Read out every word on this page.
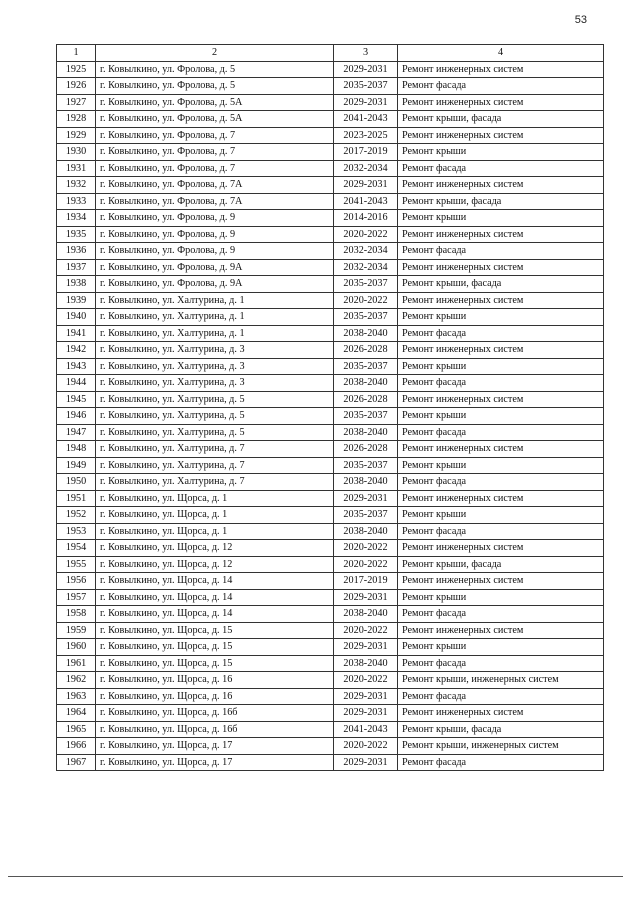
53
1	2	3	4
1925	г. Ковылкино, ул. Фролова, д. 5	2029-2031	Ремонт инженерных систем
1926	г. Ковылкино, ул. Фролова, д. 5	2035-2037	Ремонт фасада
1927	г. Ковылкино, ул. Фролова, д. 5А	2029-2031	Ремонт инженерных систем
1928	г. Ковылкино, ул. Фролова, д. 5А	2041-2043	Ремонт крыши, фасада
1929	г. Ковылкино, ул. Фролова, д. 7	2023-2025	Ремонт инженерных систем
1930	г. Ковылкино, ул. Фролова, д. 7	2017-2019	Ремонт крыши
1931	г. Ковылкино, ул. Фролова, д. 7	2032-2034	Ремонт фасада
1932	г. Ковылкино, ул. Фролова, д. 7А	2029-2031	Ремонт инженерных систем
1933	г. Ковылкино, ул. Фролова, д. 7А	2041-2043	Ремонт крыши, фасада
1934	г. Ковылкино, ул. Фролова, д. 9	2014-2016	Ремонт крыши
1935	г. Ковылкино, ул. Фролова, д. 9	2020-2022	Ремонт инженерных систем
1936	г. Ковылкино, ул. Фролова, д. 9	2032-2034	Ремонт фасада
1937	г. Ковылкино, ул. Фролова, д. 9А	2032-2034	Ремонт инженерных систем
1938	г. Ковылкино, ул. Фролова, д. 9А	2035-2037	Ремонт крыши, фасада
1939	г. Ковылкино, ул. Халтурина, д. 1	2020-2022	Ремонт инженерных систем
1940	г. Ковылкино, ул. Халтурина, д. 1	2035-2037	Ремонт крыши
1941	г. Ковылкино, ул. Халтурина, д. 1	2038-2040	Ремонт фасада
1942	г. Ковылкино, ул. Халтурина, д. 3	2026-2028	Ремонт инженерных систем
1943	г. Ковылкино, ул. Халтурина, д. 3	2035-2037	Ремонт крыши
1944	г. Ковылкино, ул. Халтурина, д. 3	2038-2040	Ремонт фасада
1945	г. Ковылкино, ул. Халтурина, д. 5	2026-2028	Ремонт инженерных систем
1946	г. Ковылкино, ул. Халтурина, д. 5	2035-2037	Ремонт крыши
1947	г. Ковылкино, ул. Халтурина, д. 5	2038-2040	Ремонт фасада
1948	г. Ковылкино, ул. Халтурина, д. 7	2026-2028	Ремонт инженерных систем
1949	г. Ковылкино, ул. Халтурина, д. 7	2035-2037	Ремонт крыши
1950	г. Ковылкино, ул. Халтурина, д. 7	2038-2040	Ремонт фасада
1951	г. Ковылкино, ул. Щорса, д. 1	2029-2031	Ремонт инженерных систем
1952	г. Ковылкино, ул. Щорса, д. 1	2035-2037	Ремонт крыши
1953	г. Ковылкино, ул. Щорса, д. 1	2038-2040	Ремонт фасада
1954	г. Ковылкино, ул. Щорса, д. 12	2020-2022	Ремонт инженерных систем
1955	г. Ковылкино, ул. Щорса, д. 12	2020-2022	Ремонт крыши, фасада
1956	г. Ковылкино, ул. Щорса, д. 14	2017-2019	Ремонт инженерных систем
1957	г. Ковылкино, ул. Щорса, д. 14	2029-2031	Ремонт крыши
1958	г. Ковылкино, ул. Щорса, д. 14	2038-2040	Ремонт фасада
1959	г. Ковылкино, ул. Щорса, д. 15	2020-2022	Ремонт инженерных систем
1960	г. Ковылкино, ул. Щорса, д. 15	2029-2031	Ремонт крыши
1961	г. Ковылкино, ул. Щорса, д. 15	2038-2040	Ремонт фасада
1962	г. Ковылкино, ул. Щорса, д. 16	2020-2022	Ремонт крыши, инженерных систем
1963	г. Ковылкино, ул. Щорса, д. 16	2029-2031	Ремонт фасада
1964	г. Ковылкино, ул. Щорса, д. 16б	2029-2031	Ремонт инженерных систем
1965	г. Ковылкино, ул. Щорса, д. 16б	2041-2043	Ремонт крыши, фасада
1966	г. Ковылкино, ул. Щорса, д. 17	2020-2022	Ремонт крыши, инженерных систем
1967	г. Ковылкино, ул. Щорса, д. 17	2029-2031	Ремонт фасада
